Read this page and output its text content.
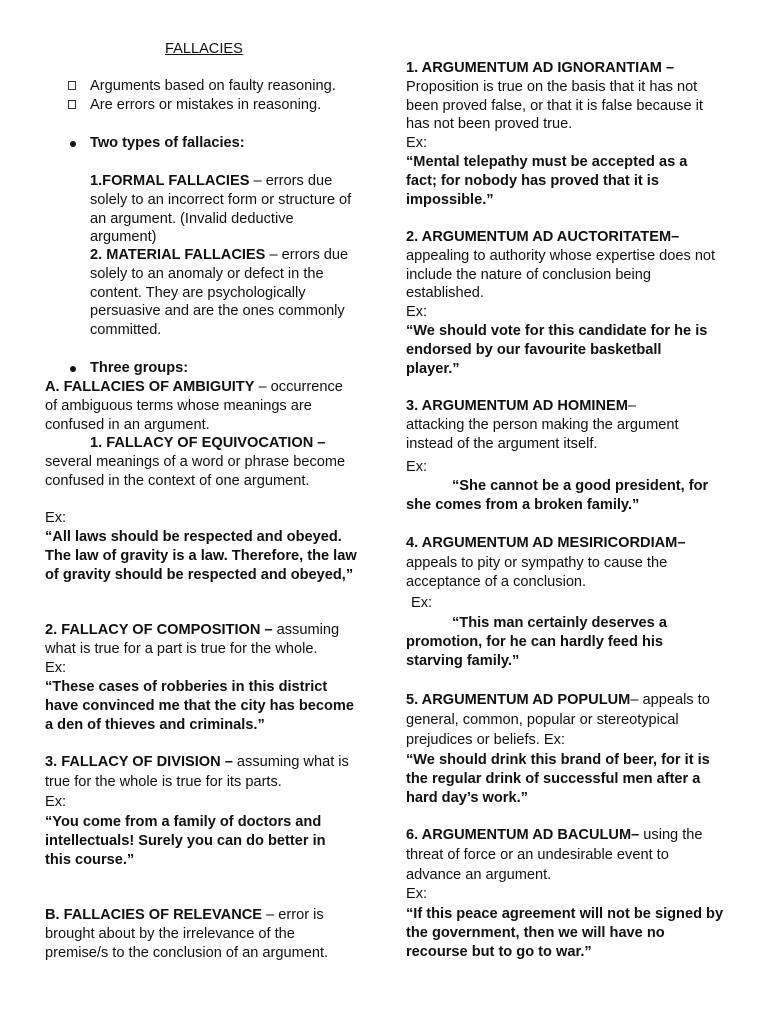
FALLACIES

Arguments based on faulty reasoning.

Are errors or mistakes in reasoning.

Two types of fallacies:

1.FORMAL FALLACIES – errors due solely to an incorrect form or structure of an argument. (Invalid deductive argument)

2. MATERIAL FALLACIES – errors due solely to an anomaly or defect in the content. They are psychologically persuasive and are the ones commonly committed.

Three groups:

A. FALLACIES OF AMBIGUITY – occurrence of ambiguous terms whose meanings are confused in an argument.

1. FALLACY OF EQUIVOCATION –
several meanings of a word or phrase become confused in the context of one argument.

Ex:

“All laws should be respected and obeyed. The law of gravity is a law. Therefore, the law of gravity should be respected and obeyed,”

2. FALLACY OF COMPOSITION – assuming what is true for a part is true for the whole.

Ex:

“These cases of robberies in this district have convinced me that the city has become a den of thieves and criminals.”

3. FALLACY OF DIVISION – assuming what is true for the whole is true for its parts.

Ex:

“You come from a family of doctors and intellectuals! Surely you can do better in this course.”

B. FALLACIES OF RELEVANCE – error is brought about by the irrelevance of the premise/s to the conclusion of an argument.

1. ARGUMENTUM AD IGNORANTIAM –
Proposition is true on the basis that it has not been proved false, or that it is false because it has not been proved true.

Ex:

“Mental telepathy must be accepted as a fact; for nobody has proved that it is impossible.”

2. ARGUMENTUM AD AUCTORITATEM–
appealing to authority whose expertise does not include the nature of conclusion being established.

Ex:

“We should vote for this candidate for he is endorsed by our favourite basketball player.”

3. ARGUMENTUM AD HOMINEM–
attacking the person making the argument instead of the argument itself.

Ex:

“She cannot be a good president, for she comes from a broken family.”

4. ARGUMENTUM AD MESIRICORDIAM–
appeals to pity or sympathy to cause the acceptance of a conclusion.

Ex:

“This man certainly deserves a promotion, for he can hardly feed his starving family.”

5. ARGUMENTUM AD POPULUM– appeals to general, common, popular or stereotypical prejudices or beliefs. Ex:

“We should drink this brand of beer, for it is the regular drink of successful men after a hard day’s work.”

6. ARGUMENTUM AD BACULUM– using the threat of force or an undesirable event to advance an argument.

Ex:

“If this peace agreement will not be signed by the government, then we will have no recourse but to go to war.”
